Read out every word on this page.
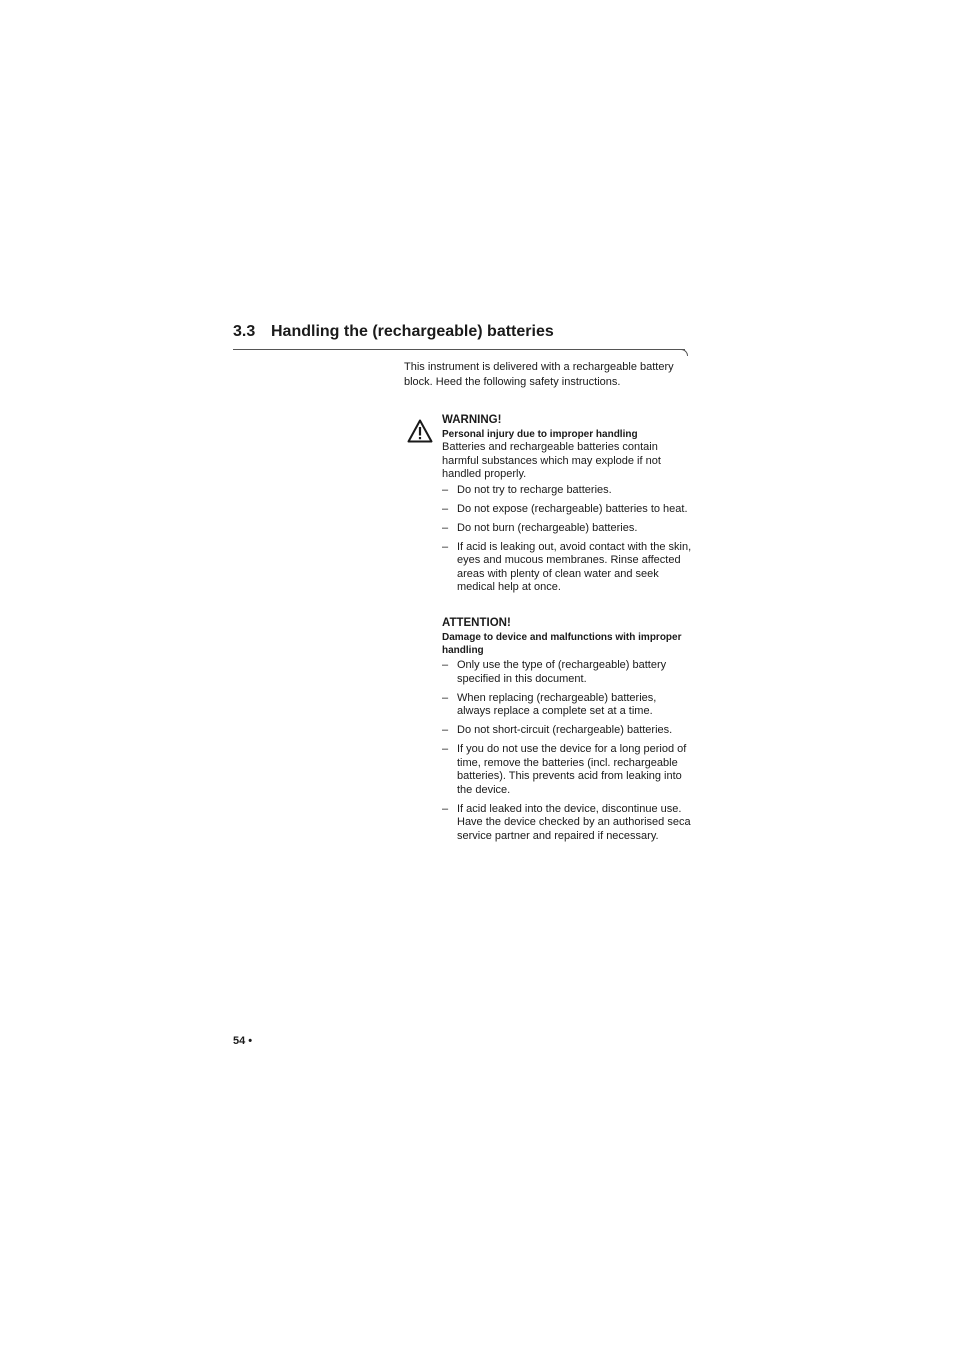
3.3 Handling the (rechargeable) batteries

This instrument is delivered with a rechargeable battery block. Heed the following safety instructions.

WARNING!

Personal injury due to improper handling

Batteries and rechargeable batteries contain harmful substances which may explode if not handled properly.

– Do not try to recharge batteries.
– Do not expose (rechargeable) batteries to heat.
– Do not burn (rechargeable) batteries.
– If acid is leaking out, avoid contact with the skin, eyes and mucous membranes. Rinse affected areas with plenty of clean water and seek medical help at once.

ATTENTION!

Damage to device and malfunctions with improper handling

– Only use the type of (rechargeable) battery specified in this document.
– When replacing (rechargeable) batteries, always replace a complete set at a time.
– Do not short-circuit (rechargeable) batteries.
– If you do not use the device for a long period of time, remove the batteries (incl. rechargeable batteries). This prevents acid from leaking into the device.
– If acid leaked into the device, discontinue use. Have the device checked by an authorised seca service partner and repaired if necessary.
54 •
